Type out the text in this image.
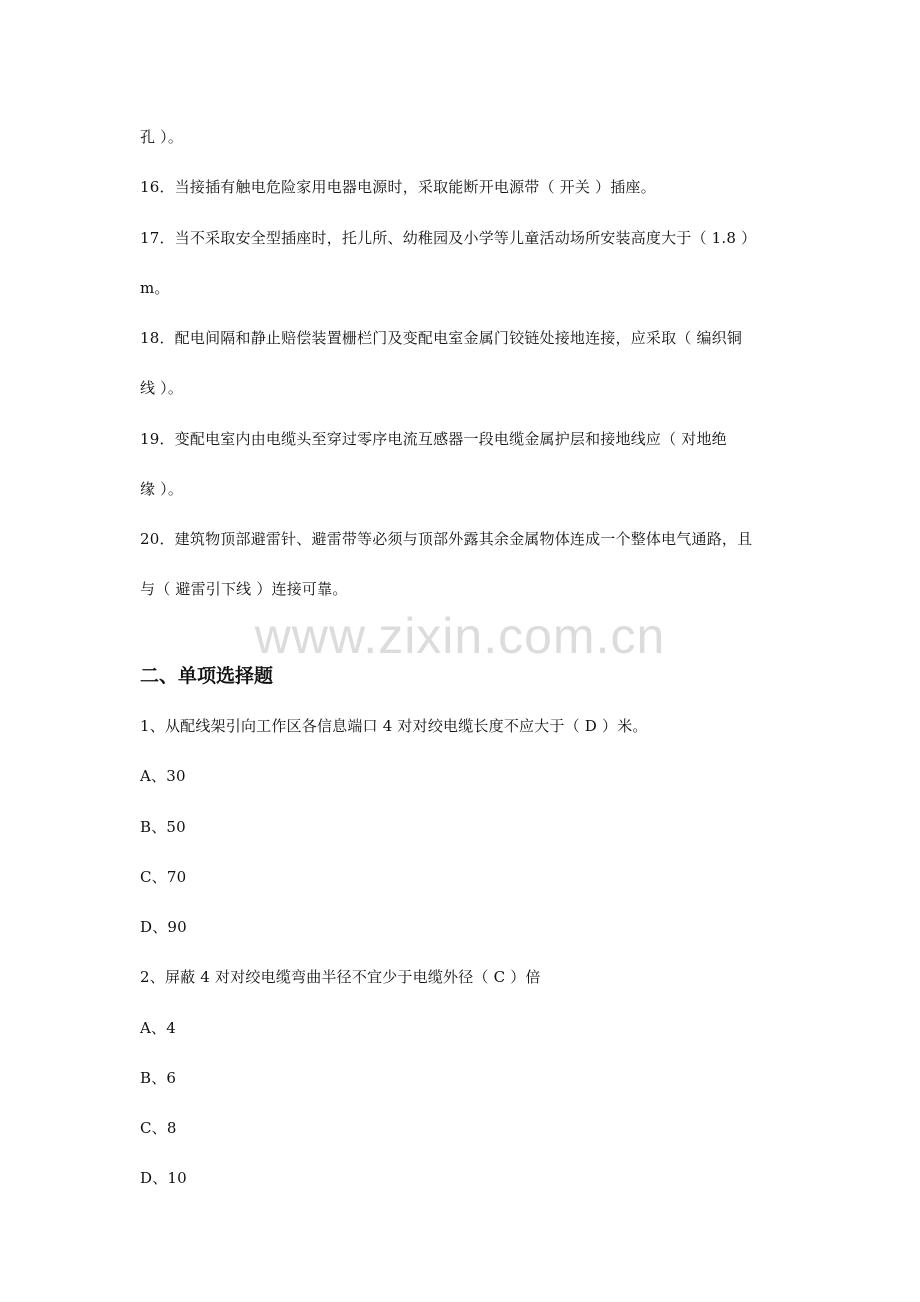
www.zixin.com.cn
孔 ）。
16．当接插有触电危险家用电器电源时，采取能断开电源带（ 开关 ）插座。
17．当不采取安全型插座时，托儿所、幼稚园及小学等儿童活动场所安装高度大于（ 1.8 ）
m。
18．配电间隔和静止赔偿装置栅栏门及变配电室金属门铰链处接地连接，应采取（ 编织铜
线 ）。
19．变配电室内由电缆头至穿过零序电流互感器一段电缆金属护层和接地线应（ 对地绝
缘 ）。
20．建筑物顶部避雷针、避雷带等必须与顶部外露其余金属物体连成一个整体电气通路，且
与（ 避雷引下线 ）连接可靠。
二、单项选择题
1、从配线架引向工作区各信息端口 4 对对绞电缆长度不应大于（ D ）米。
A、30
B、50
C、70
D、90
2、屏蔽 4 对对绞电缆弯曲半径不宜少于电缆外径（ C ）倍
A、4
B、6
C、8
D、10
